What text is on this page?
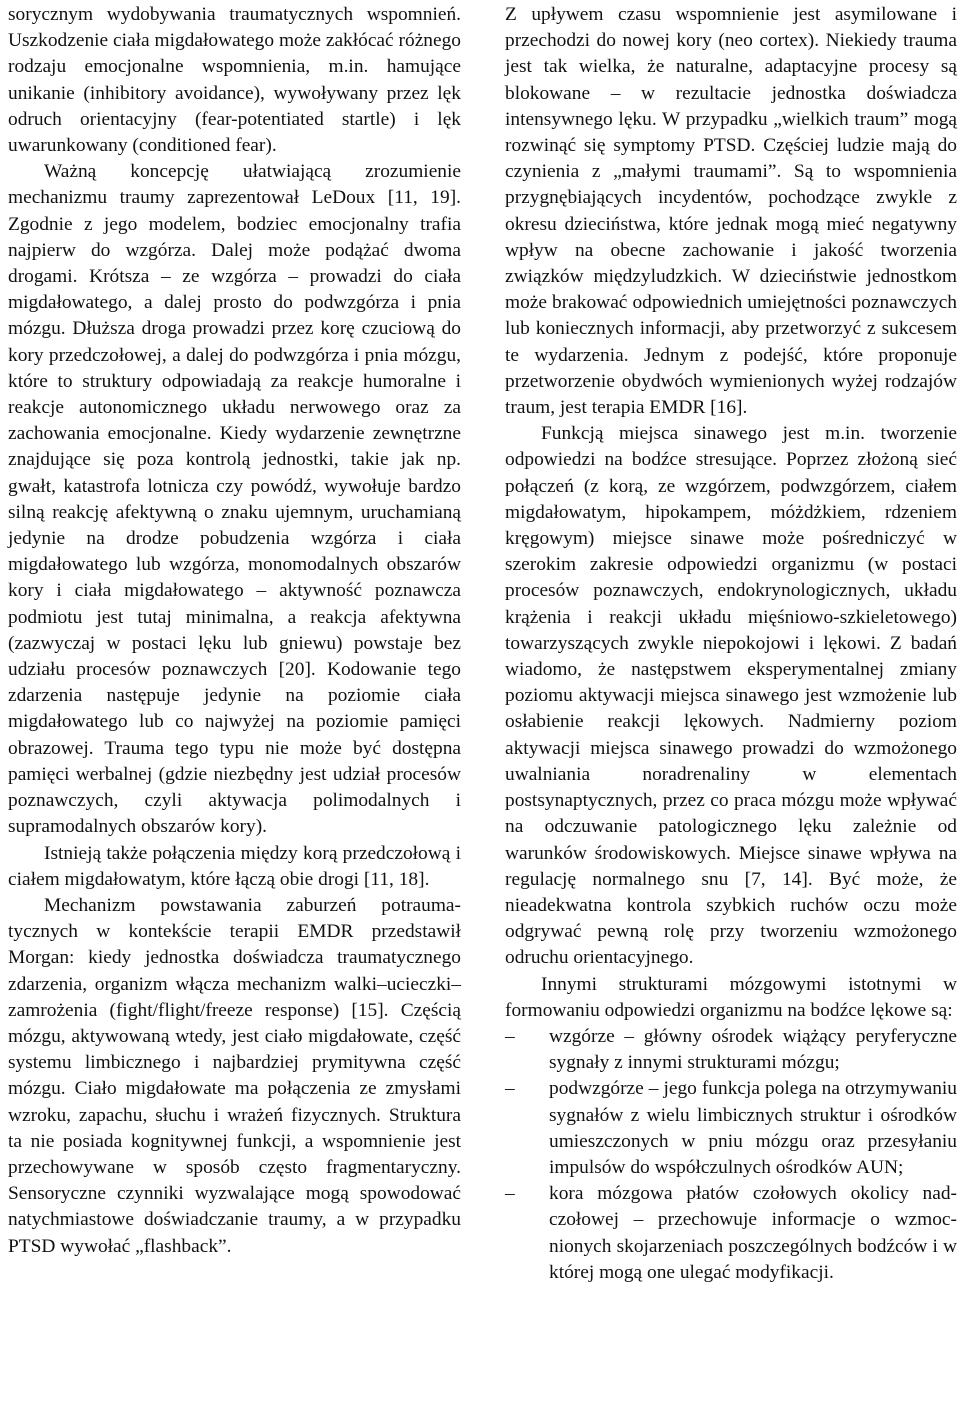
sorycznym wydobywania traumatycznych wspomnień. Uszkodzenie ciała migdałowatego może zakłócać różnego rodzaju emocjonalne wspomnienia, m.in. hamujące unikanie (inhibitory avoidance), wywoływany przez lęk odruch orientacyjny (fear-potentiated startle) i lęk uwarunkowany (conditioned fear).

Ważną koncepcję ułatwiającą zrozumienie mechanizmu traumy zaprezentował LeDoux [11, 19]. Zgodnie z jego modelem, bodziec emocjonalny trafia najpierw do wzgórza. Dalej może podążać dwoma drogami. Krótsza – ze wzgórza – prowadzi do ciała migdałowatego, a dalej prosto do podwzgórza i pnia mózgu. Dłuższa droga prowadzi przez korę czuciową do kory przedczołowej, a dalej do podwzgórza i pnia mózgu, które to struktury odpowiadają za reakcje humoralne i reakcje autonomicznego układu nerwowego oraz za zachowania emocjonalne. Kiedy wydarzenie zewnętrzne znajdujące się poza kontrolą jednostki, takie jak np. gwałt, katastrofa lotnicza czy powódź, wywołuje bardzo silną reakcję afektywną o znaku ujemnym, uruchamianą jedynie na drodze pobudzenia wzgórza i ciała migdałowatego lub wzgórza, monomodalnych obszarów kory i ciała migdałowatego – aktywność poznawcza podmiotu jest tutaj minimalna, a reakcja afektywna (zazwyczaj w postaci lęku lub gniewu) powstaje bez udziału procesów poznawczych [20]. Kodowanie tego zdarzenia następuje jedynie na poziomie ciała migdałowatego lub co najwyżej na poziomie pamięci obrazowej. Trauma tego typu nie może być dostępna pamięci werbalnej (gdzie niezbędny jest udział procesów poznawczych, czyli aktywacja polimodalnych i supramodalnych obszarów kory).

Istnieją także połączenia między korą przedczołową i ciałem migdałowatym, które łączą obie drogi [11, 18].

Mechanizm powstawania zaburzeń potraumatycznych w kontekście terapii EMDR przedstawił Morgan: kiedy jednostka doświadcza traumatycznego zdarzenia, organizm włącza mechanizm walki–ucieczki–zamrożenia (fight/flight/freeze response) [15]. Częścią mózgu, aktywowaną wtedy, jest ciało migdałowate, część systemu limbicznego i najbardziej prymitywna część mózgu. Ciało migdałowate ma połączenia ze zmysłami wzroku, zapachu, słuchu i wrażeń fizycznych. Struktura ta nie posiada kognitywnej funkcji, a wspomnienie jest przechowywane w sposób często fragmentaryczny. Sensoryczne czynniki wyzwalające mogą spowodować natychmiastowe doświadczanie traumy, a w przypadku PTSD wywołać „flashback”.

Z upływem czasu wspomnienie jest asymilowane i przechodzi do nowej kory (neo cortex). Niekiedy trauma jest tak wielka, że naturalne, adaptacyjne procesy są blokowane – w rezultacie jednostka doświadcza intensywnego lęku. W przypadku „wielkich traum” mogą rozwinąć się symptomy PTSD. Częściej ludzie mają do czynienia z „małymi traumami”. Są to wspomnienia przygnębiających incydentów, pochodzące zwykle z okresu dzieciństwa, które jednak mogą mieć negatywny wpływ na obecne zachowanie i jakość tworzenia związków międzyludzkich. W dzieciństwie jednostkom może brakować odpowiednich umiejętności poznawczych lub koniecznych informacji, aby przetworzyć z sukcesem te wydarzenia. Jednym z podejść, które proponuje przetworzenie obydwóch wymienionych wyżej rodzajów traum, jest terapia EMDR [16].

Funkcją miejsca sinawego jest m.in. tworzenie odpowiedzi na bodźce stresujące. Poprzez złożoną sieć połączeń (z korą, ze wzgórzem, podwzgórzem, ciałem migdałowatym, hipokampem, móżdżkiem, rdzeniem kręgowym) miejsce sinawe może pośredniczyć w szerokim zakresie odpowiedzi organizmu (w postaci procesów poznawczych, endokrynologicznych, układu krążenia i reakcji układu mięśniowo-szkieletowego) towarzyszących zwykle niepokojowi i lękowi. Z badań wiadomo, że następstwem eksperymentalnej zmiany poziomu aktywacji miejsca sinawego jest wzmożenie lub osłabienie reakcji lękowych. Nadmierny poziom aktywacji miejsca sinawego prowadzi do wzmożonego uwalniania noradrenaliny w elementach postsynaptycznych, przez co praca mózgu może wpływać na odczuwanie patologicznego lęku zależnie od warunków środowiskowych. Miejsce sinawe wpływa na regulację normalnego snu [7, 14]. Być może, że nieadekwatna kontrola szybkich ruchów oczu może odgrywać pewną rolę przy tworzeniu wzmożonego odruchu orientacyjnego.

Innymi strukturami mózgowymi istotnymi w formowaniu odpowiedzi organizmu na bodźce lękowe są:

– wzgórze – główny ośrodek wiążący peryferyczne sygnały z innymi strukturami mózgu;
– podwzgórze – jego funkcja polega na otrzymywaniu sygnałów z wielu limbicznych struktur i ośrodków umieszczonych w pniu mózgu oraz przesyłaniu impulsów do współczulnych ośrodków AUN;
– kora mózgowa płatów czołowych okolicy nadczołowej – przechowuje informacje o wzmocnionych skojarzeniach poszczególnych bodźców i w której mogą one ulegać modyfikacji.
